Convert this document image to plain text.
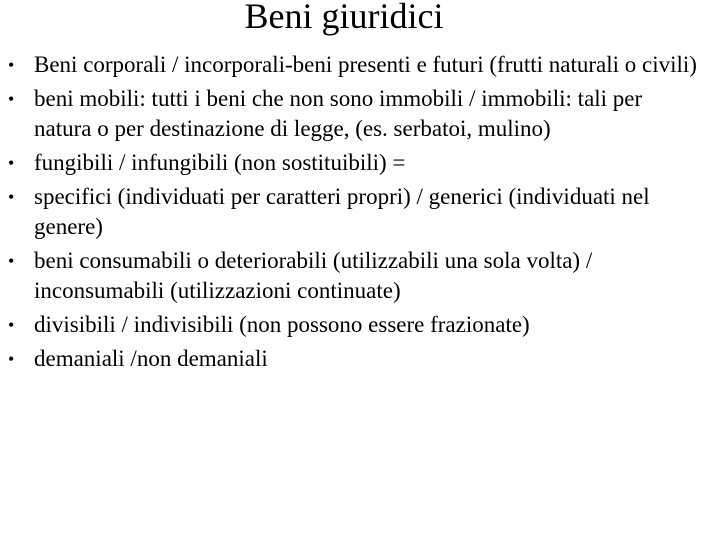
Beni giuridici
• Beni corporali / incorporali-beni presenti e futuri (frutti naturali o civili)
• beni mobili: tutti i beni che non sono immobili / immobili: tali per natura o per destinazione di legge, (es. serbatoi, mulino)
• fungibili / infungibili (non sostituibili) =
• specifici (individuati per caratteri propri) / generici (individuati nel genere)
• beni consumabili o deteriorabili (utilizzabili una sola volta) / inconsumabili (utilizzazioni continuate)
• divisibili / indivisibili (non possono essere frazionate)
• demaniali /non demaniali
